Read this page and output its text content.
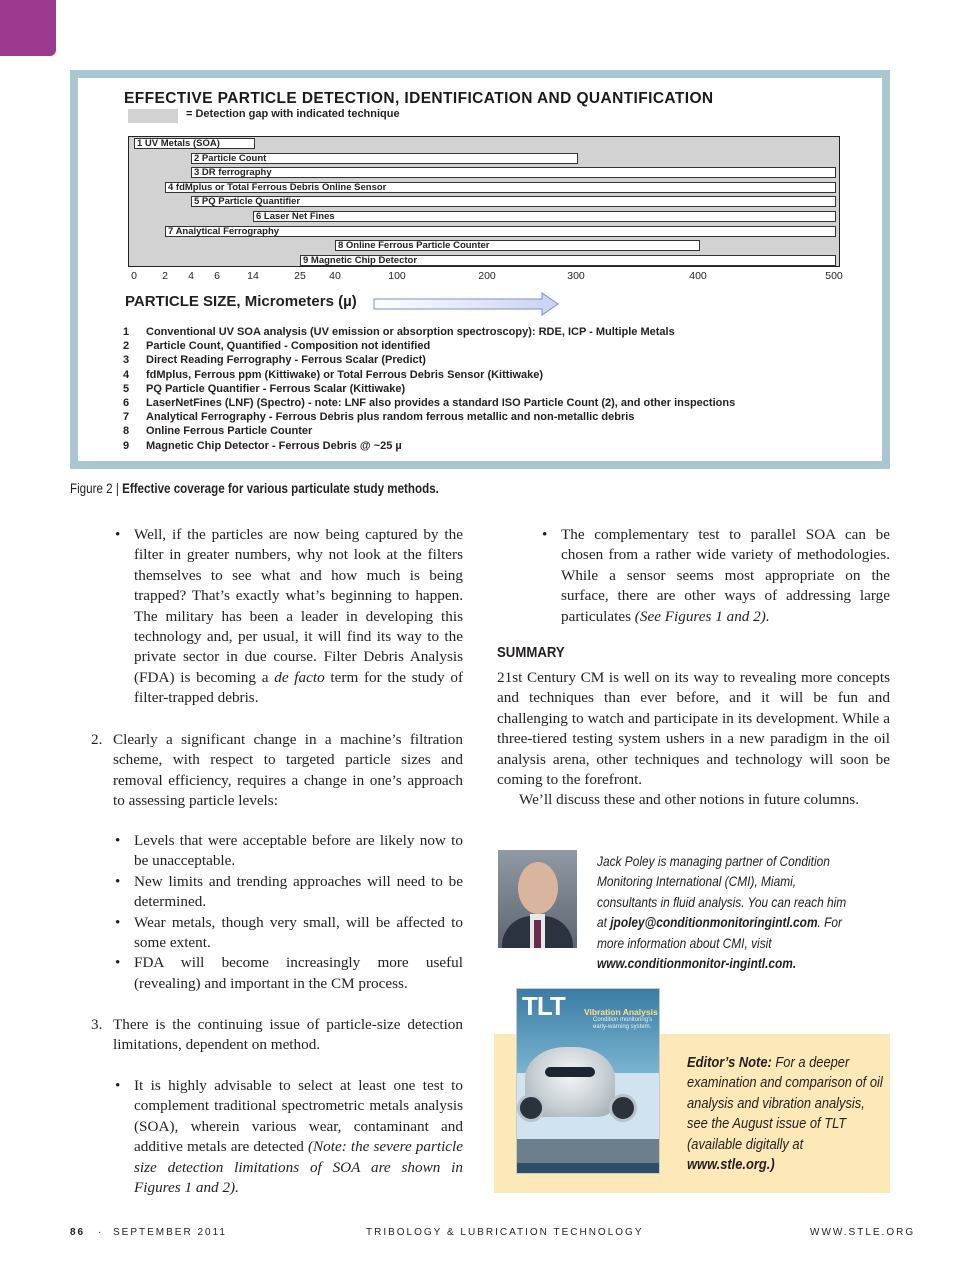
EFFECTIVE PARTICLE DETECTION, IDENTIFICATION AND QUANTIFICATION
= Detection gap with indicated technique
1 UV Metals (SOA)
2 Particle Count
3 DR ferrography
4 fdMplus or Total Ferrous Debris Online Sensor
5 PQ Particle Quantifier
6 Laser Net Fines
7 Analytical Ferrography
8 Online Ferrous Particle Counter
9 Magnetic Chip Detector
0 2 4 6	14	25 40	100	200	300	400	500
PARTICLE SIZE, Micrometers (µ)
1 Conventional UV SOA analysis (UV emission or absorption spectroscopy): RDE, ICP - Multiple Metals
2 Particle Count, Quantified - Composition not identified
3 Direct Reading Ferrography - Ferrous Scalar (Predict)
4 fdMplus, Ferrous ppm (Kittiwake) or Total Ferrous Debris Sensor (Kittiwake)
5 PQ Particle Quantifier - Ferrous Scalar (Kittiwake)
6 LaserNetFines (LNF) (Spectro) - note: LNF also provides a standard ISO Particle Count (2), and other inspections
7 Analytical Ferrography - Ferrous Debris plus random ferrous metallic and non-metallic debris
8 Online Ferrous Particle Counter
9 Magnetic Chip Detector - Ferrous Debris @ ~25 µ
Figure 2 | Effective coverage for various particulate study methods.
• Well, if the particles are now being captured by the filter in greater numbers, why not look at the filters themselves to see what and how much is being trapped? That’s exactly what’s beginning to happen. The military has been a leader in developing this technology and, per usual, it will find its way to the private sector in due course. Filter Debris Analysis (FDA) is becoming a de facto term for the study of filter-trapped debris.
2. Clearly a significant change in a machine’s filtration scheme, with respect to targeted particle sizes and removal efficiency, requires a change in one’s approach to assessing particle levels:
• Levels that were acceptable before are likely now to be unacceptable.
• New limits and trending approaches will need to be determined.
• Wear metals, though very small, will be affected to some extent.
• FDA will become increasingly more useful (revealing) and important in the CM process.
3. There is the continuing issue of particle-size detection limitations, dependent on method.
• It is highly advisable to select at least one test to complement traditional spectrometric metals analysis (SOA), wherein various wear, contaminant and additive metals are detected (Note: the severe particle size detection limitations of SOA are shown in Figures 1 and 2).
• The complementary test to parallel SOA can be chosen from a rather wide variety of methodologies. While a sensor seems most appropriate on the surface, there are other ways of addressing large particulates (See Figures 1 and 2).
SUMMARY
21st Century CM is well on its way to revealing more concepts and techniques than ever before, and it will be fun and challenging to watch and participate in its development. While a three-tiered testing system ushers in a new paradigm in the oil analysis arena, other techniques and technology will soon be coming to the forefront.
We’ll discuss these and other notions in future columns.
Jack Poley is managing partner of Condition Monitoring International (CMI), Miami, consultants in fluid analysis. You can reach him at jpoley@conditionmonitoringintl.com. For more information about CMI, visit www.conditionmonitor-ingintl.com.
TLT Vibration Analysis
Condition monitoring’s early-warning system.
Editor’s Note: For a deeper examination and comparison of oil analysis and vibration analysis, see the August issue of TLT (available digitally at www.stle.org.)
86 · SEPTEMBER 2011	TRIBOLOGY & LUBRICATION TECHNOLOGY	WWW.STLE.ORG
